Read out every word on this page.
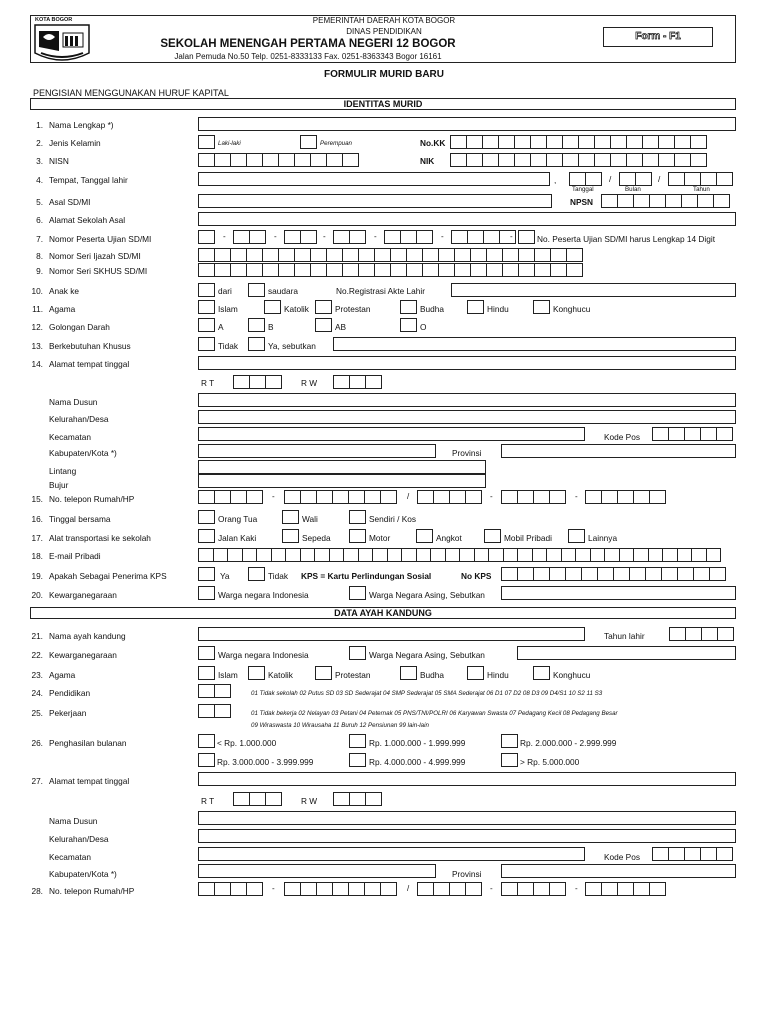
KOTA BOGOR	PEMERINTAH DAERAH KOTA BOGOR
DINAS PENDIDIKAN
SEKOLAH MENENGAH PERTAMA NEGERI 12 BOGOR
Jalan Pemuda No.50 Telp. 0251-8333133 Fax. 0251-8363343 Bogor 16161
Form - F1
FORMULIR MURID BARU
PENGISIAN MENGGUNAKAN HURUF KAPITAL
IDENTITAS MURID
1. Nama Lengkap *)
2. Jenis Kelamin	Laki-laki	Perempuan	No.KK
3. NISN	NIK
4. Tempat, Tanggal lahir	,	/	/
Tanggal	Bulan	Tahun
5. Asal SD/MI	NPSN
6. Alamat Sekolah Asal
7. Nomor Peserta Ujian SD/MI	-	-	-	-	-	-	No. Peserta Ujian SD/MI harus Lengkap 14 Digit
8. Nomor Seri Ijazah SD/MI
9. Nomor Seri SKHUS SD/MI
10. Anak ke	dari	saudara	No.Registrasi Akte Lahir
11. Agama	Islam	Katolik	Protestan	Budha	Hindu	Konghucu
12. Golongan Darah	A	B	AB	O
13. Berkebutuhan Khusus	Tidak	Ya, sebutkan
14. Alamat tempat tinggal
R T	R W
Nama Dusun
Kelurahan/Desa
Kecamatan	Kode Pos
Kabupaten/Kota *)	Provinsi
Lintang
Bujur
15. No. telepon Rumah/HP	-	/	-	-
16. Tinggal bersama	Orang Tua	Wali	Sendiri / Kos
17. Alat transportasi ke sekolah	Jalan Kaki	Sepeda	Motor	Angkot	Mobil Pribadi	Lainnya
18. E-mail Pribadi
19. Apakah Sebagai Penerima KPS	Ya	Tidak KPS = Kartu Perlindungan Sosial	No KPS
20. Kewarganegaraan	Warga negara Indonesia	Warga Negara Asing, Sebutkan
DATA AYAH KANDUNG
21. Nama ayah kandung	Tahun lahir
22. Kewarganegaraan	Warga negara Indonesia	Warga Negara Asing, Sebutkan
23. Agama	Islam	Katolik	Protestan	Budha	Hindu	Konghucu
24. Pendidikan	01 Tidak sekolah 02 Putus SD 03 SD Sederajat 04 SMP Sederajat 05 SMA Sederajat 06 D1 07 D2 08 D3 09 D4/S1 10 S2 11 S3
25. Pekerjaan	01 Tidak bekerja 02 Nelayan 03 Petani 04 Peternak 05 PNS/TNI/POLRI 06 Karyawan Swasta 07 Pedagang Kecil 08 Pedagang Besar
09 Wiraswasta 10 Wirausaha 11 Buruh 12 Pensiunan 99 lain-lain
26. Penghasilan bulanan	< Rp. 1.000.000	Rp. 1.000.000 - 1.999.999	Rp. 2.000.000 - 2.999.999
Rp. 3.000.000 - 3.999.999	Rp. 4.000.000 - 4.999.999	> Rp. 5.000.000
27. Alamat tempat tinggal
R T	R W
Nama Dusun
Kelurahan/Desa
Kecamatan	Kode Pos
Kabupaten/Kota *)	Provinsi
28. No. telepon Rumah/HP	-	/	-	-
